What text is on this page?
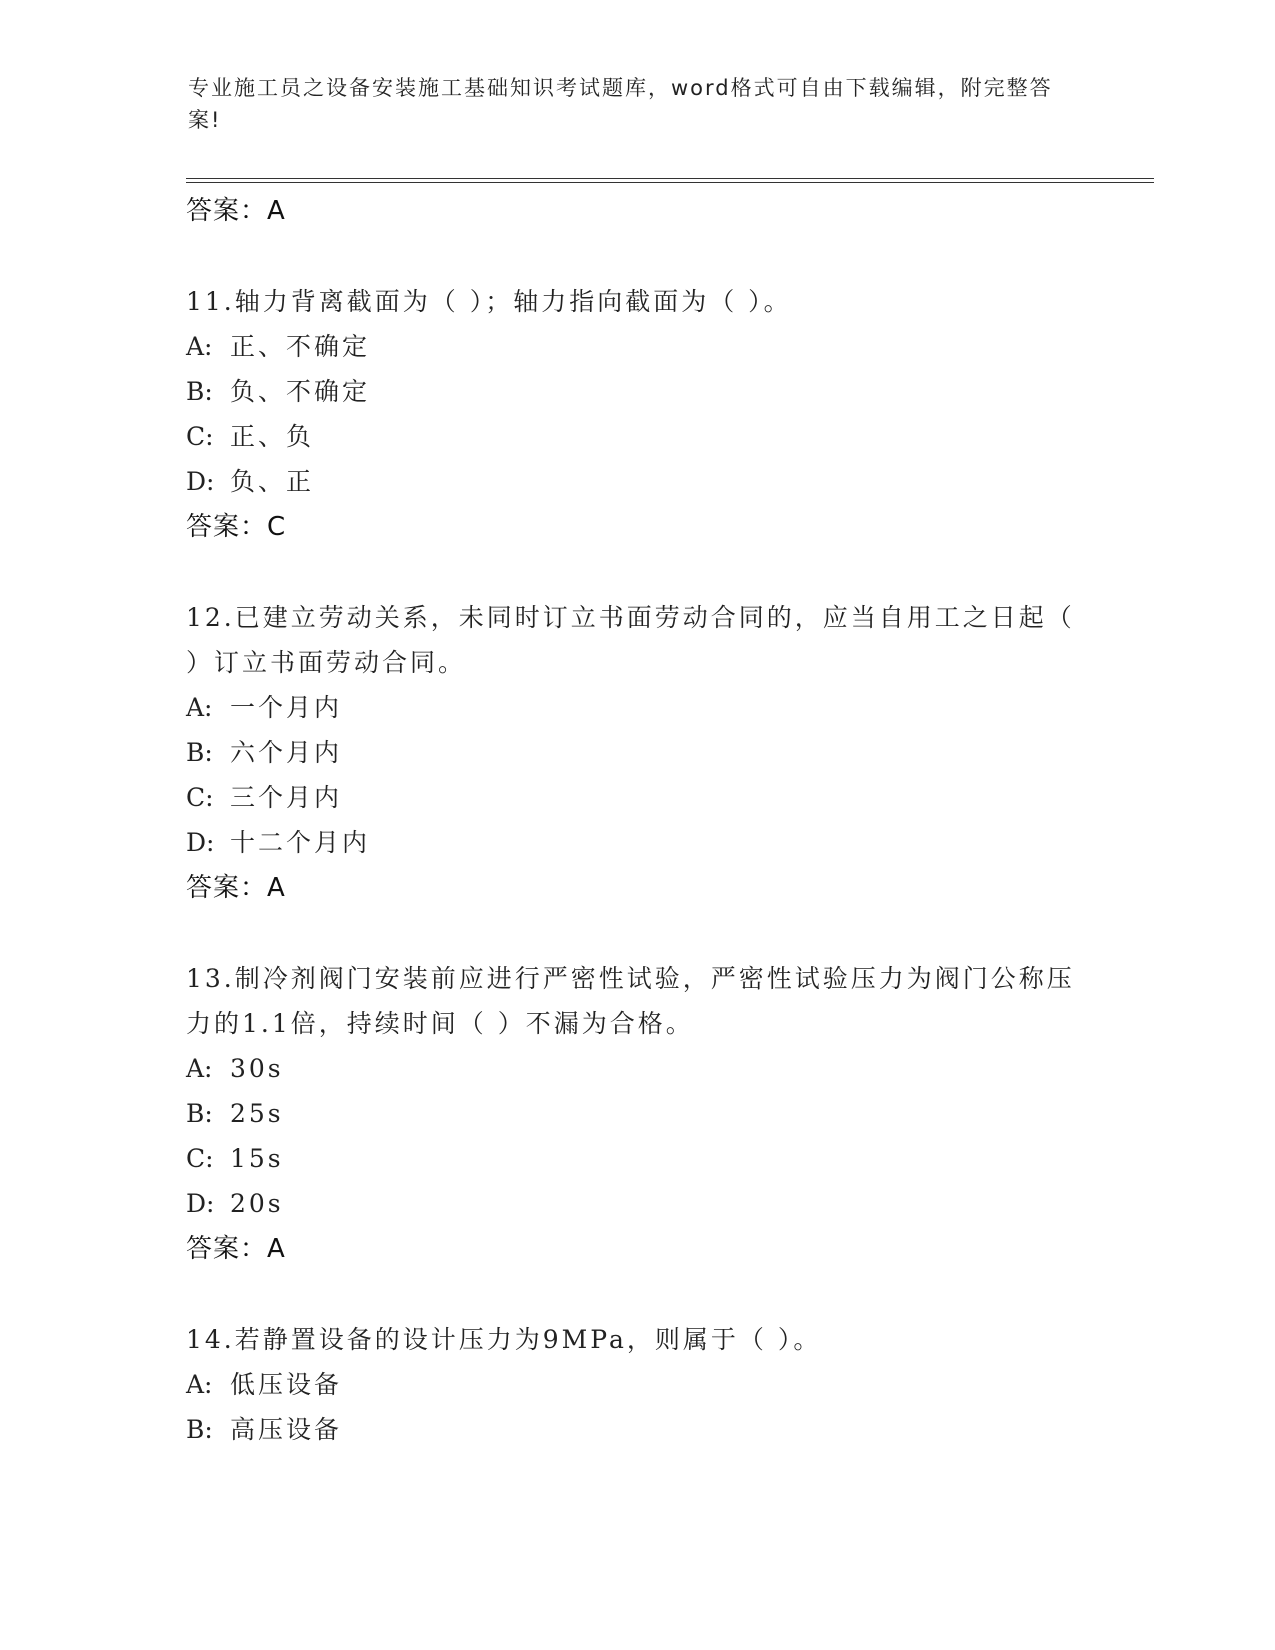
专业施工员之设备安装施工基础知识考试题库，word格式可自由下载编辑，附完整答案!
答案：A
11.轴力背离截面为（ ）；轴力指向截面为（ ）。
A: 正、不确定
B: 负、不确定
C: 正、负
D: 负、正
答案：C
12.已建立劳动关系，未同时订立书面劳动合同的，应当自用工之日起（ ）订立书面劳动合同。
A: 一个月内
B: 六个月内
C: 三个月内
D: 十二个月内
答案：A
13.制冷剂阀门安装前应进行严密性试验，严密性试验压力为阀门公称压力的1.1倍，持续时间（ ）不漏为合格。
A: 30s
B: 25s
C: 15s
D: 20s
答案：A
14.若静置设备的设计压力为9MPa，则属于（ ）。
A: 低压设备
B: 高压设备
